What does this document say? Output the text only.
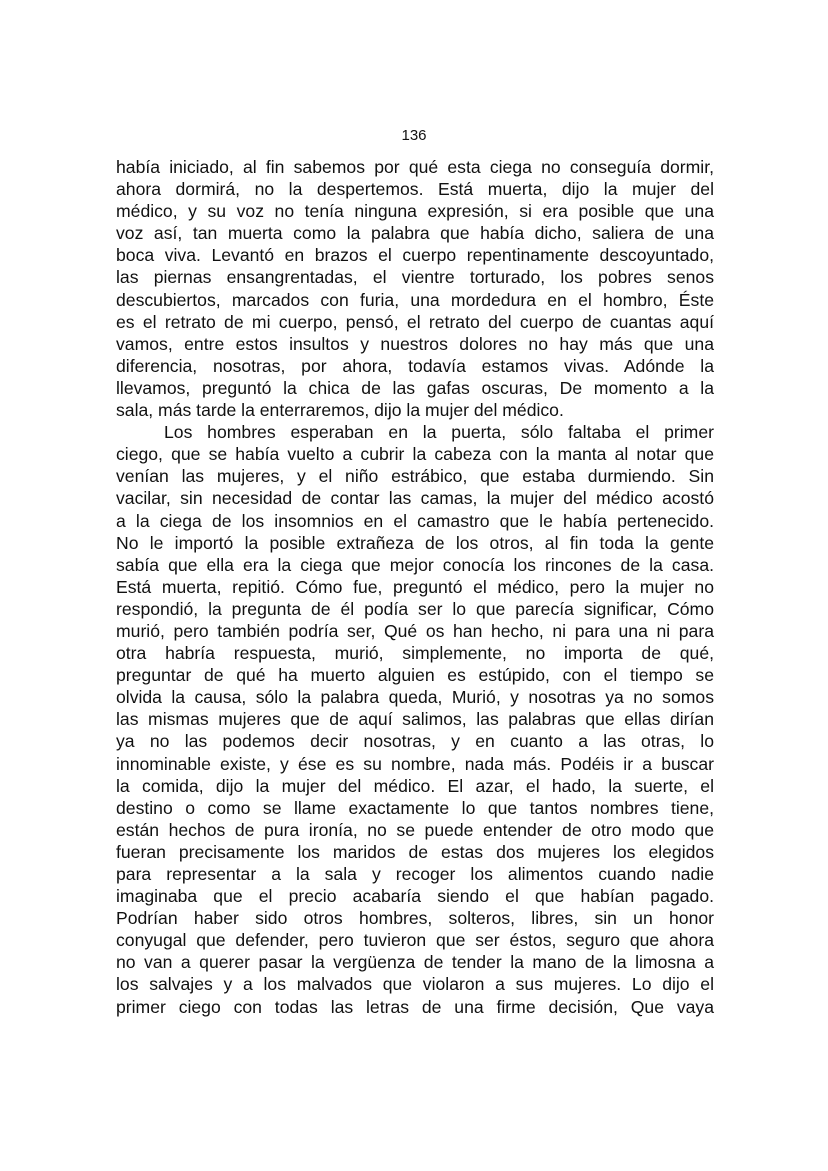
136
había iniciado, al fin sabemos por qué esta ciega no conseguía dormir,
ahora dormirá, no la despertemos. Está muerta, dijo la mujer del
médico, y su voz no tenía ninguna expresión, si era posible que una
voz así, tan muerta como la palabra que había dicho, saliera de una
boca viva. Levantó en brazos el cuerpo repentinamente descoyuntado,
las piernas ensangrentadas, el vientre torturado, los pobres senos
descubiertos, marcados con furia, una mordedura en el hombro, Éste
es el retrato de mi cuerpo, pensó, el retrato del cuerpo de cuantas aquí
vamos, entre estos insultos y nuestros dolores no hay más que una
diferencia, nosotras, por ahora, todavía estamos vivas. Adónde la
llevamos, preguntó la chica de las gafas oscuras, De momento a la
sala, más tarde la enterraremos, dijo la mujer del médico.
Los hombres esperaban en la puerta, sólo faltaba el primer
ciego, que se había vuelto a cubrir la cabeza con la manta al notar que
venían las mujeres, y el niño estrábico, que estaba durmiendo. Sin
vacilar, sin necesidad de contar las camas, la mujer del médico acostó
a la ciega de los insomnios en el camastro que le había pertenecido.
No le importó la posible extrañeza de los otros, al fin toda la gente
sabía que ella era la ciega que mejor conocía los rincones de la casa.
Está muerta, repitió. Cómo fue, preguntó el médico, pero la mujer no
respondió, la pregunta de él podía ser lo que parecía significar, Cómo
murió, pero también podría ser, Qué os han hecho, ni para una ni para
otra habría respuesta, murió, simplemente, no importa de qué,
preguntar de qué ha muerto alguien es estúpido, con el tiempo se
olvida la causa, sólo la palabra queda, Murió, y nosotras ya no somos
las mismas mujeres que de aquí salimos, las palabras que ellas dirían
ya no las podemos decir nosotras, y en cuanto a las otras, lo
innominable existe, y ése es su nombre, nada más. Podéis ir a buscar
la comida, dijo la mujer del médico. El azar, el hado, la suerte, el
destino o como se llame exactamente lo que tantos nombres tiene,
están hechos de pura ironía, no se puede entender de otro modo que
fueran precisamente los maridos de estas dos mujeres los elegidos
para representar a la sala y recoger los alimentos cuando nadie
imaginaba que el precio acabaría siendo el que habían pagado.
Podrían haber sido otros hombres, solteros, libres, sin un honor
conyugal que defender, pero tuvieron que ser éstos, seguro que ahora
no van a querer pasar la vergüenza de tender la mano de la limosna a
los salvajes y a los malvados que violaron a sus mujeres. Lo dijo el
primer ciego con todas las letras de una firme decisión, Que vaya
